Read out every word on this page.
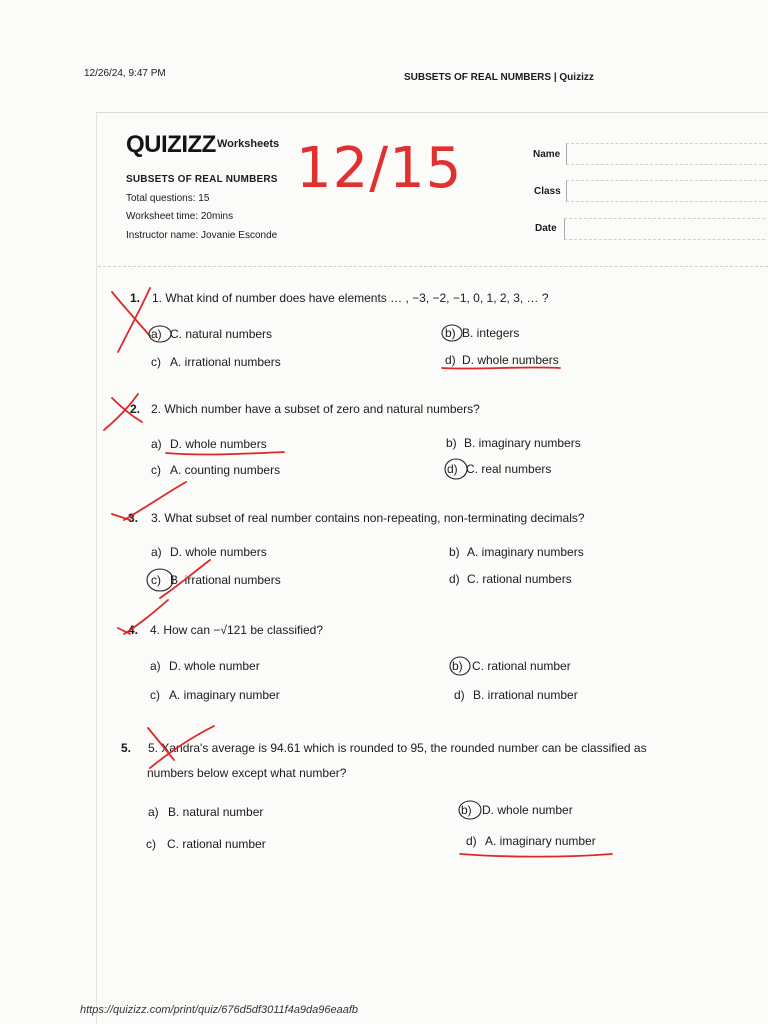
12/26/24, 9:47 PM	SUBSETS OF REAL NUMBERS | Quizizz
QUIZIZZ Worksheets
SUBSETS OF REAL NUMBERS
Total questions: 15
Worksheet time: 20mins
Instructor name: Jovanie Esconde
12/15	Name
Class
Date
1. 1. What kind of number does have elements … , −3, −2, −1, 0, 1, 2, 3, … ?
a) C. natural numbers	b) B. integers
c) A. irrational numbers	d) D. whole numbers
2. 2. Which number have a subset of zero and natural numbers?
a) D. whole numbers	b) B. imaginary numbers
c) A. counting numbers	d) C. real numbers
3. 3. What subset of real number contains non-repeating, non-terminating decimals?
a) D. whole numbers	b) A. imaginary numbers
c) B. irrational numbers	d) C. rational numbers
4. 4. How can −√121 be classified?
a) D. whole number	b) C. rational number
c) A. imaginary number	d) B. irrational number
5. 5. Xandra's average is 94.61 which is rounded to 95, the rounded number can be classified as
numbers below except what number?
a) B. natural number	b) D. whole number
c) C. rational number	d) A. imaginary number
https://quizizz.com/print/quiz/676d5df3011f4a9da96eaafb
